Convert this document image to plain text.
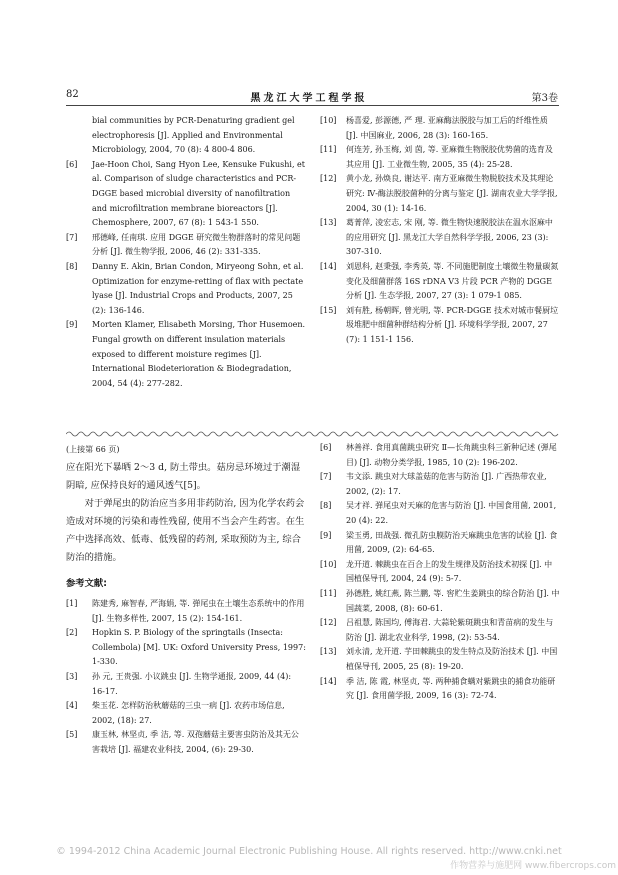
82	黑龙江大学工程学报	第3卷

bial communities by PCR-Denaturing gradient gel electrophoresis [J]. Applied and Environmental Microbiology, 2004, 70 (8): 4 800-4 806.

[6] Jae-Hoon Choi, Sang Hyon Lee, Kensuke Fukushi, et al. Comparison of sludge characteristics and PCR-DGGE based microbial diversity of nanofiltration and microfiltration membrane bioreactors [J]. Chemosphere, 2007, 67 (8): 1 543-1 550.

[7] 邢德峰, 任南琪. 应用 DGGE 研究微生物群落时的常见问题分析 [J]. 微生物学报, 2006, 46 (2): 331-335.

[8] Danny E. Akin, Brian Condon, Miryeong Sohn, et al. Optimization for enzyme-retting of flax with pectate lyase [J]. Industrial Crops and Products, 2007, 25 (2): 136-146.

[9] Morten Klamer, Elisabeth Morsing, Thor Husemoen. Fungal growth on different insulation materials exposed to different moisture regimes [J]. International Biodeterioration & Biodegradation, 2004, 54 (4): 277-282.

[10] 杨喜爱, 彭源德, 严 理. 亚麻酶法脱胶与加工后的纤维性质 [J]. 中国麻业, 2006, 28 (3): 160-165.

[11] 何连芳, 孙玉梅, 刘 茵, 等. 亚麻微生物脱胶优势菌的选育及其应用 [J]. 工业微生物, 2005, 35 (4): 25-28.

[12] 黄小龙, 孙焕良, 谢达平. 南方亚麻微生物脱胶技术及其理论研究: Ⅳ-酶法脱胶菌种的分离与鉴定 [J]. 湖南农业大学学报, 2004, 30 (1): 14-16.

[13] 葛菁萍, 凌宏志, 宋 刚, 等. 微生物快速脱胶法在温水沤麻中的应用研究 [J]. 黑龙江大学自然科学学报, 2006, 23 (3): 307-310.

[14] 刘恩科, 赵秉强, 李秀英, 等. 不同施肥制度土壤微生物量碳氮变化及细菌群落 16S rDNA V3 片段 PCR 产物的 DGGE 分析 [J]. 生态学报, 2007, 27 (3): 1 079-1 085.

[15] 刘有胜, 杨朝晖, 曾光明, 等. PCR-DGGE 技术对城市餐厨垃圾堆肥中细菌种群结构分析 [J]. 环境科学学报, 2007, 27 (7): 1 151-1 156.

(上接第 66 页)

应在阳光下暴晒 2～3 d, 防土带虫。菇房忌环境过于潮湿阴暗, 应保持良好的通风透气[5]。

对于弹尾虫的防治应当多用非药防治, 因为化学农药会造成对环境的污染和毒性残留, 使用不当会产生药害。在生产中选择高效、低毒、低残留的药剂, 采取预防为主, 综合防治的措施。

参考文献:

[1] 陈建秀, 麻智春, 严海娟, 等. 弹尾虫在土壤生态系统中的作用 [J]. 生物多样性, 2007, 15 (2): 154-161.

[2] Hopkin S. P. Biology of the springtails (Insecta: Collembola) [M]. UK: Oxford University Press, 1997: 1-330.

[3] 孙 元, 王贵强. 小议跳虫 [J]. 生物学通报, 2009, 44 (4): 16-17.

[4] 柴玉花. 怎样防治秋蘑菇的三虫一病 [J]. 农药市场信息, 2002, (18): 27.

[5] 康玉林, 林坚贞, 季 洁, 等. 双孢蘑菇主要害虫防治及其无公害栽培 [J]. 福建农业科技, 2004, (6): 29-30.

[6] 林善祥. 食用真菌跳虫研究 Ⅱ—长角跳虫科三新种记述 (弹尾目) [J]. 动物分类学报, 1985, 10 (2): 196-202.

[7] 韦文添. 跳虫对大球盖菇的危害与防治 [J]. 广西热带农业, 2002, (2): 17.

[8] 吴才祥. 弹尾虫对天麻的危害与防治 [J]. 中国食用菌, 2001, 20 (4): 22.

[9] 梁玉勇, 田战强. 微孔防虫膜防治天麻跳虫危害的试验 [J]. 食用菌, 2009, (2): 64-65.

[10] 龙开道. 棘跳虫在百合上的发生规律及防治技术初探 [J]. 中国植保导刊, 2004, 24 (9): 5-7.

[11] 孙德胜, 姚红燕, 陈兰鹏, 等. 窖贮生姜跳虫的综合防治 [J]. 中国蔬菜, 2008, (8): 60-61.

[12] 吕祖慧, 陈国均, 傅海君. 大蒜轮紫斑跳虫和青苗病的发生与防治 [J]. 湖北农业科学, 1998, (2): 53-54.

[13] 刘永清, 龙开道. 芋田棘跳虫的发生特点及防治技术 [J]. 中国植保导刊, 2005, 25 (8): 19-20.

[14] 季 洁, 陈 霞, 林坚贞, 等. 两种捕食螨对紫跳虫的捕食功能研究 [J]. 食用菌学报, 2009, 16 (3): 72-74.

© 1994-2012 China Academic Journal Electronic Publishing House. All rights reserved. http://www.cnki.net
作物营养与施肥网 www.fibercrops.com
